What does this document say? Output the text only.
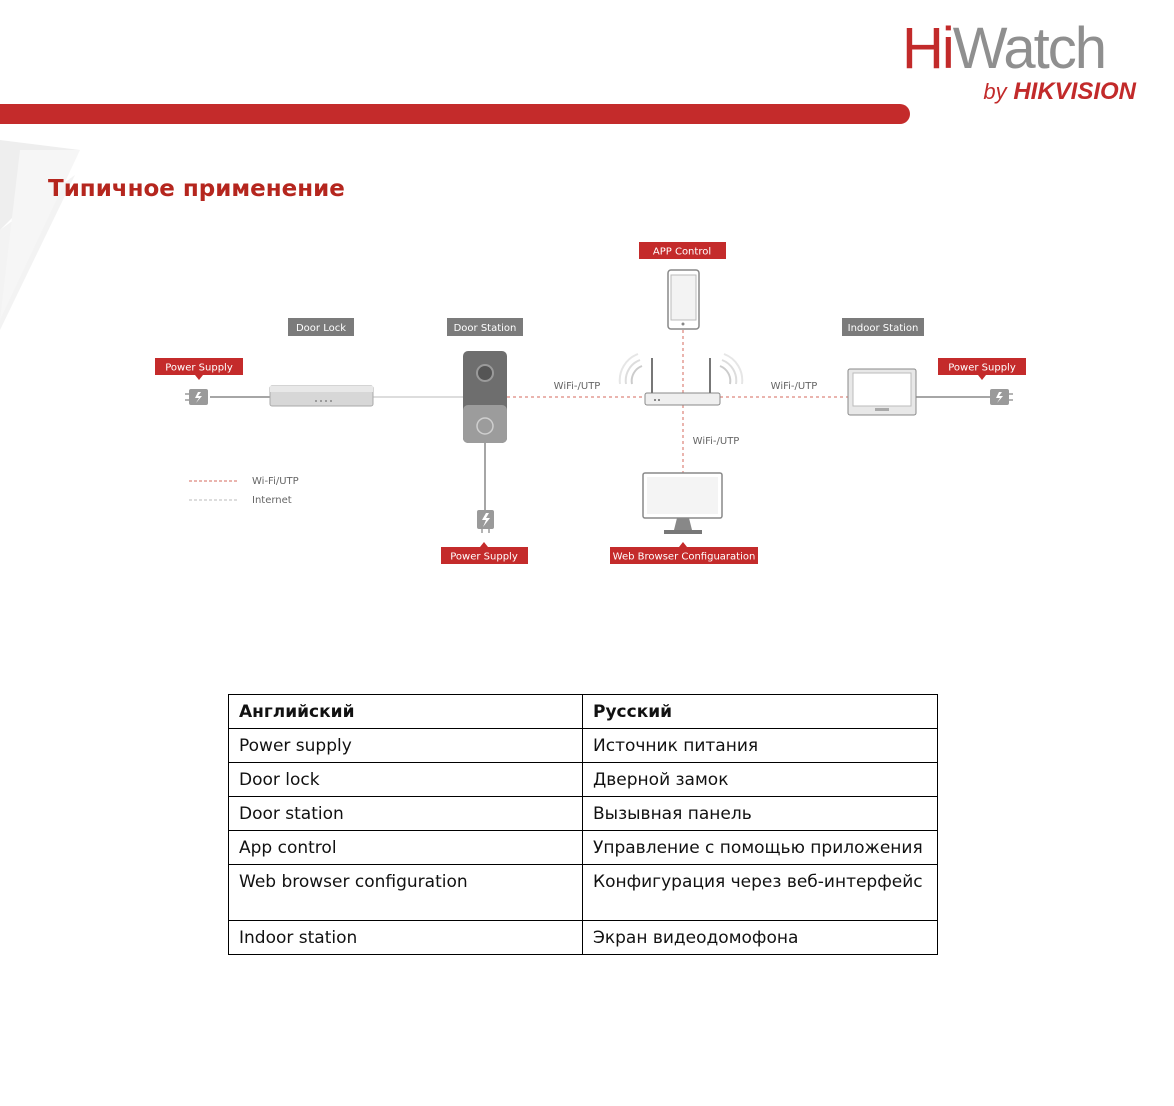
HiWatch
by HIKVISION
Типичное применение
APP Control
Power Supply	Power Supply
Power Supply	Web Browser Configuaration
Door Lock	Door Station	Indoor Station
WiFi-/UTP	WiFi-/UTP
WiFi-/UTP
Wi-Fi/UTP
Internet
Английский	Русский
Power supply	Источник питания
Door lock	Дверной замок
Door station	Вызывная панель
App control	Управление с помощью приложения
Web browser configuration	Конфигурация через веб-интерфейс
Indoor station	Экран видеодомофона
